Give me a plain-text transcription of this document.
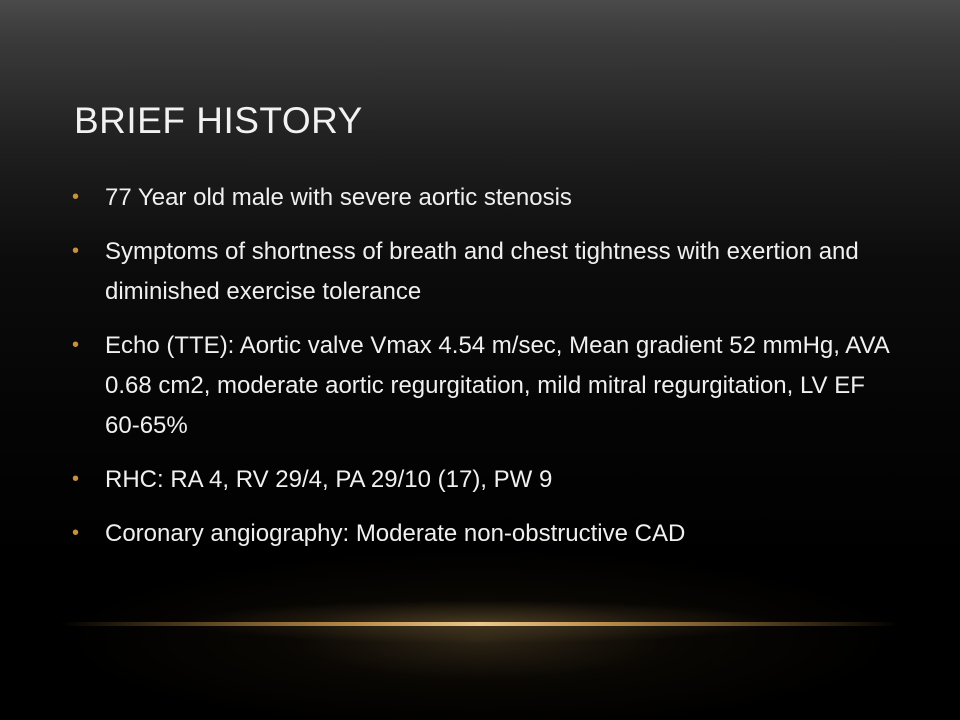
BRIEF HISTORY
• 77 Year old male with severe aortic stenosis
• Symptoms of shortness of breath and chest tightness with exertion and diminished exercise tolerance
• Echo (TTE): Aortic valve Vmax 4.54 m/sec, Mean gradient 52 mmHg, AVA 0.68 cm2, moderate aortic regurgitation, mild mitral regurgitation, LV EF 60-65%
• RHC: RA 4, RV 29/4, PA 29/10 (17), PW 9
• Coronary angiography: Moderate non-obstructive CAD
